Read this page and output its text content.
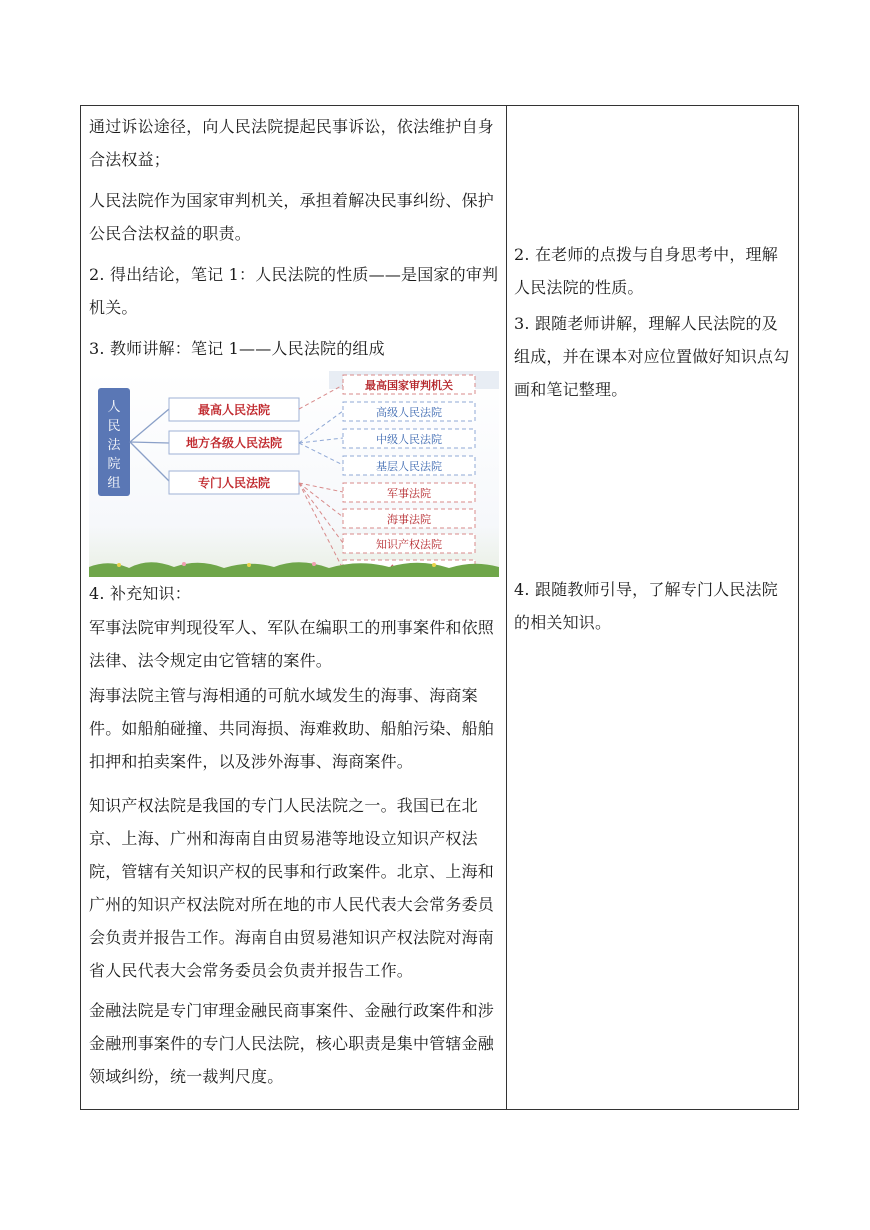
通过诉讼途径，向人民法院提起民事诉讼，依法维护自身合法权益；

人民法院作为国家审判机关，承担着解决民事纠纷、保护公民合法权益的职责。

2. 得出结论，笔记 1：人民法院的性质——是国家的审判机关。

3. 教师讲解：笔记 1——人民法院的组成

人
民
法
院
组
最高人民法院
地方各级人民法院
专门人民法院
最高国家审判机关
高级人民法院
中级人民法院
基层人民法院
军事法院
海事法院
知识产权法院

4. 补充知识：

军事法院审判现役军人、军队在编职工的刑事案件和依照法律、法令规定由它管辖的案件。

海事法院主管与海相通的可航水域发生的海事、海商案件。如船舶碰撞、共同海损、海难救助、船舶污染、船舶扣押和拍卖案件，以及涉外海事、海商案件。

知识产权法院是我国的专门人民法院之一。我国已在北京、上海、广州和海南自由贸易港等地设立知识产权法院，管辖有关知识产权的民事和行政案件。北京、上海和广州的知识产权法院对所在地的市人民代表大会常务委员会负责并报告工作。海南自由贸易港知识产权法院对海南省人民代表大会常务委员会负责并报告工作。

金融法院是专门审理金融民商事案件、金融行政案件和涉金融刑事案件的专门人民法院，核心职责是集中管辖金融领域纠纷，统一裁判尺度。

2. 在老师的点拨与自身思考中，理解人民法院的性质。

3. 跟随老师讲解，理解人民法院的及组成，并在课本对应位置做好知识点勾画和笔记整理。

4. 跟随教师引导，了解专门人民法院的相关知识。
